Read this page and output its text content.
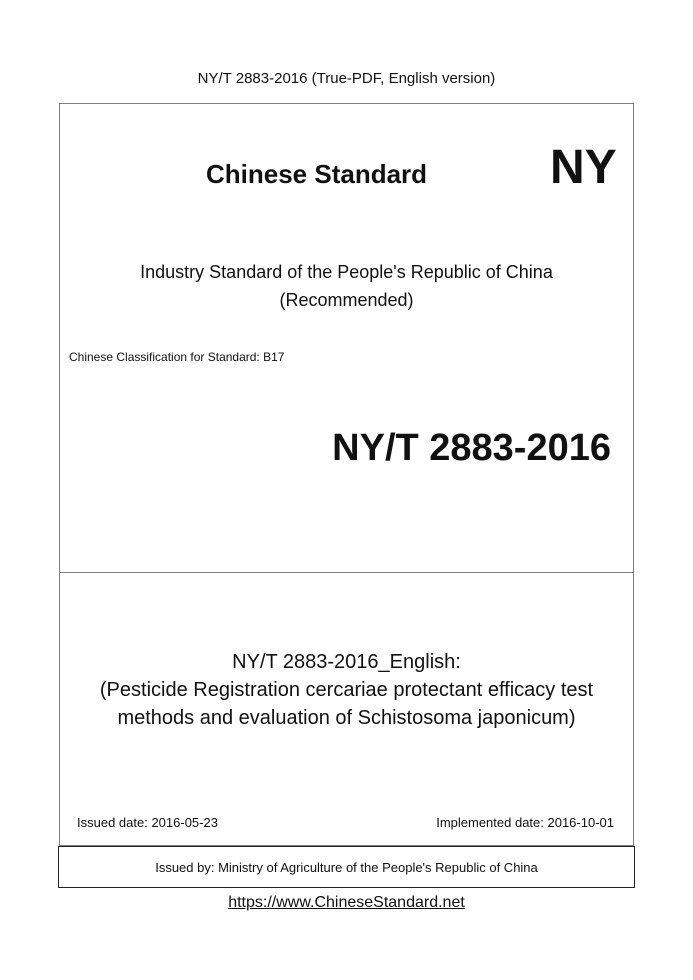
NY/T 2883-2016 (True-PDF, English version)
Chinese Standard	NY
Industry Standard of the People's Republic of China
(Recommended)
Chinese Classification for Standard: B17
NY/T 2883-2016
NY/T 2883-2016_English:
(Pesticide Registration cercariae protectant efficacy test
methods and evaluation of Schistosoma japonicum)
Issued date: 2016-05-23	Implemented date: 2016-10-01
Issued by: Ministry of Agriculture of the People's Republic of China
https://www.ChineseStandard.net
